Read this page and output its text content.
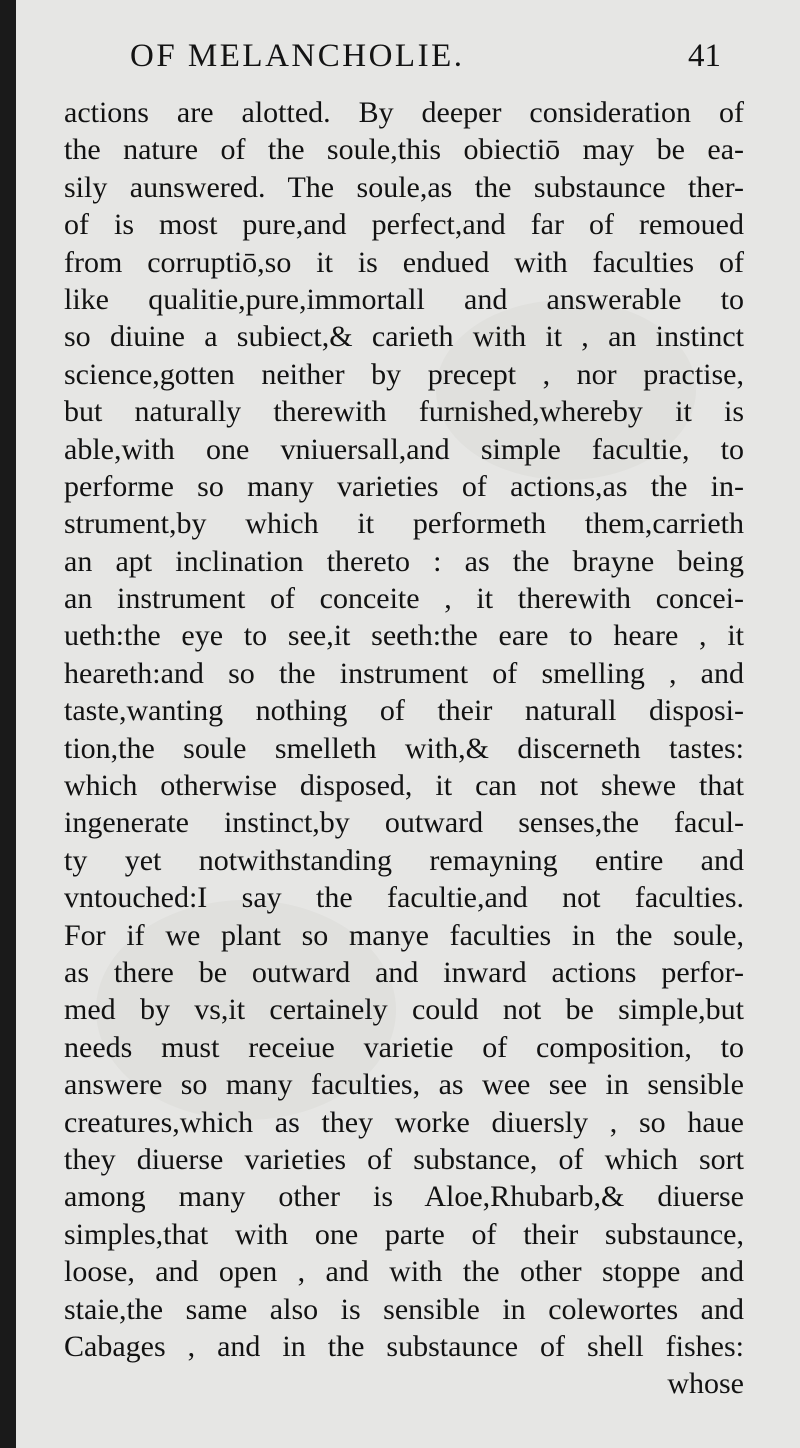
OF MELANCHOLIE.	41
actions are alotted. By deeper consideration of
the nature of the soule,this obiectiō may be ea-
sily aunswered. The soule,as the substaunce ther-
of is most pure,and perfect,and far of remoued
from corruptiō,so it is endued with faculties of
like qualitie,pure,immortall and answerable to
so diuine a subiect,& carieth with it , an instinct
science,gotten neither by precept , nor practise,
but naturally therewith furnished,whereby it is
able,with one vniuersall,and simple facultie, to
performe so many varieties of actions,as the in-
strument,by which it performeth them,carrieth
an apt inclination thereto : as the brayne being
an instrument of conceite , it therewith concei-
ueth:the eye to see,it seeth:the eare to heare , it
heareth:and so the instrument of smelling , and
taste,wanting nothing of their naturall disposi-
tion,the soule smelleth with,& discerneth tastes:
which otherwise disposed, it can not shewe that
ingenerate instinct,by outward senses,the facul-
ty yet notwithstanding remayning entire and
vntouched:I say the facultie,and not faculties.
For if we plant so manye faculties in the soule,
as there be outward and inward actions perfor-
med by vs,it certainely could not be simple,but
needs must receiue varietie of composition, to
answere so many faculties, as wee see in sensible
creatures,which as they worke diuersly , so haue
they diuerse varieties of substance, of which sort
among many other is Aloe,Rhubarb,& diuerse
simples,that with one parte of their substaunce,
loose, and open , and with the other stoppe and
staie,the same also is sensible in colewortes and
Cabages , and in the substaunce of shell fishes:
whose
